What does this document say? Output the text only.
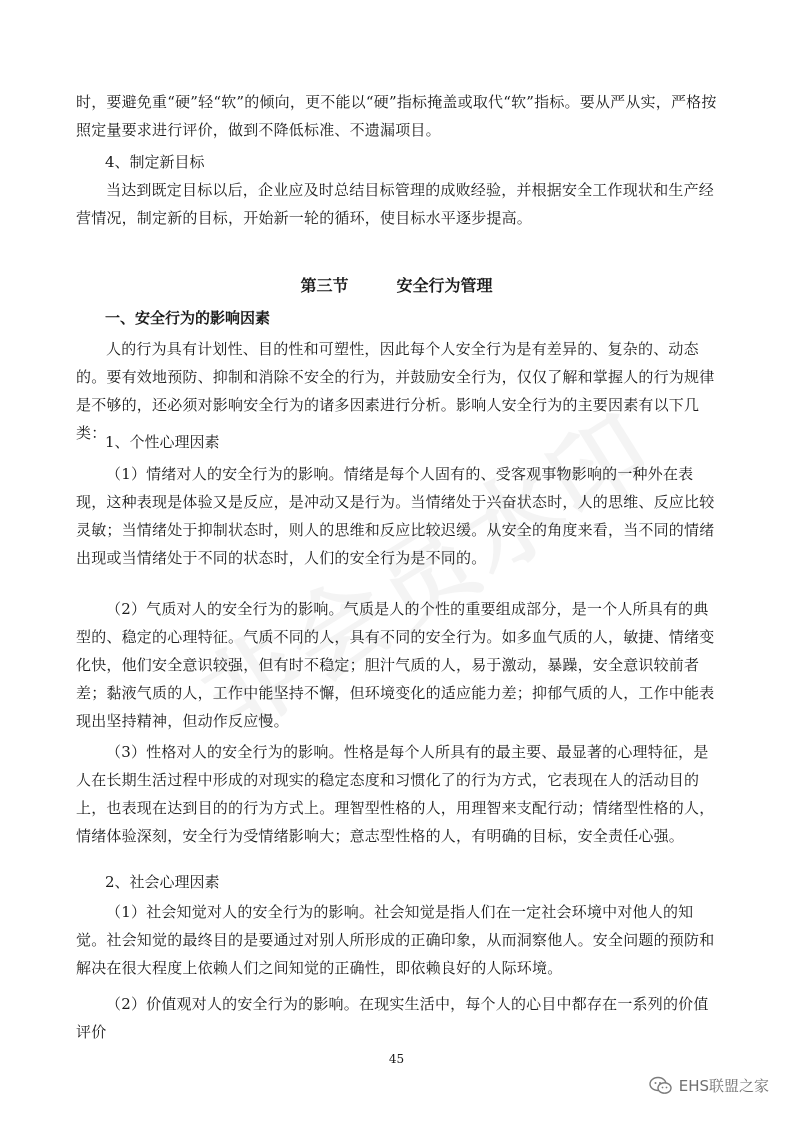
时，要避免重“硬”轻“软”的倾向，更不能以“硬”指标掩盖或取代“软”指标。要从严从实，严格按照定量要求进行评价，做到不降低标准、不遗漏项目。

4、制定新目标

当达到既定目标以后，企业应及时总结目标管理的成败经验，并根据安全工作现状和生产经营情况，制定新的目标，开始新一轮的循环，使目标水平逐步提高。

第三节	安全行为管理

一、安全行为的影响因素

人的行为具有计划性、目的性和可塑性，因此每个人安全行为是有差异的、复杂的、动态的。要有效地预防、抑制和消除不安全的行为，并鼓励安全行为，仅仅了解和掌握人的行为规律是不够的，还必须对影响安全行为的诸多因素进行分析。影响人安全行为的主要因素有以下几类：

1、个性心理因素

（1）情绪对人的安全行为的影响。情绪是每个人固有的、受客观事物影响的一种外在表现，这种表现是体验又是反应，是冲动又是行为。当情绪处于兴奋状态时，人的思维、反应比较灵敏；当情绪处于抑制状态时，则人的思维和反应比较迟缓。从安全的角度来看，当不同的情绪出现或当情绪处于不同的状态时，人们的安全行为是不同的。

（2）气质对人的安全行为的影响。气质是人的个性的重要组成部分，是一个人所具有的典型的、稳定的心理特征。气质不同的人，具有不同的安全行为。如多血气质的人，敏捷、情绪变化快，他们安全意识较强，但有时不稳定；胆汁气质的人，易于激动，暴躁，安全意识较前者差；黏液气质的人，工作中能坚持不懈，但环境变化的适应能力差；抑郁气质的人，工作中能表现出坚持精神，但动作反应慢。

（3）性格对人的安全行为的影响。性格是每个人所具有的最主要、最显著的心理特征，是人在长期生活过程中形成的对现实的稳定态度和习惯化了的行为方式，它表现在人的活动目的上，也表现在达到目的的行为方式上。理智型性格的人，用理智来支配行动；情绪型性格的人，情绪体验深刻，安全行为受情绪影响大；意志型性格的人，有明确的目标，安全责任心强。

2、社会心理因素

（1）社会知觉对人的安全行为的影响。社会知觉是指人们在一定社会环境中对他人的知觉。社会知觉的最终目的是要通过对别人所形成的正确印象，从而洞察他人。安全问题的预防和解决在很大程度上依赖人们之间知觉的正确性，即依赖良好的人际环境。

（2）价值观对人的安全行为的影响。在现实生活中，每个人的心目中都存在一系列的价值评价

45
EHS联盟之家
